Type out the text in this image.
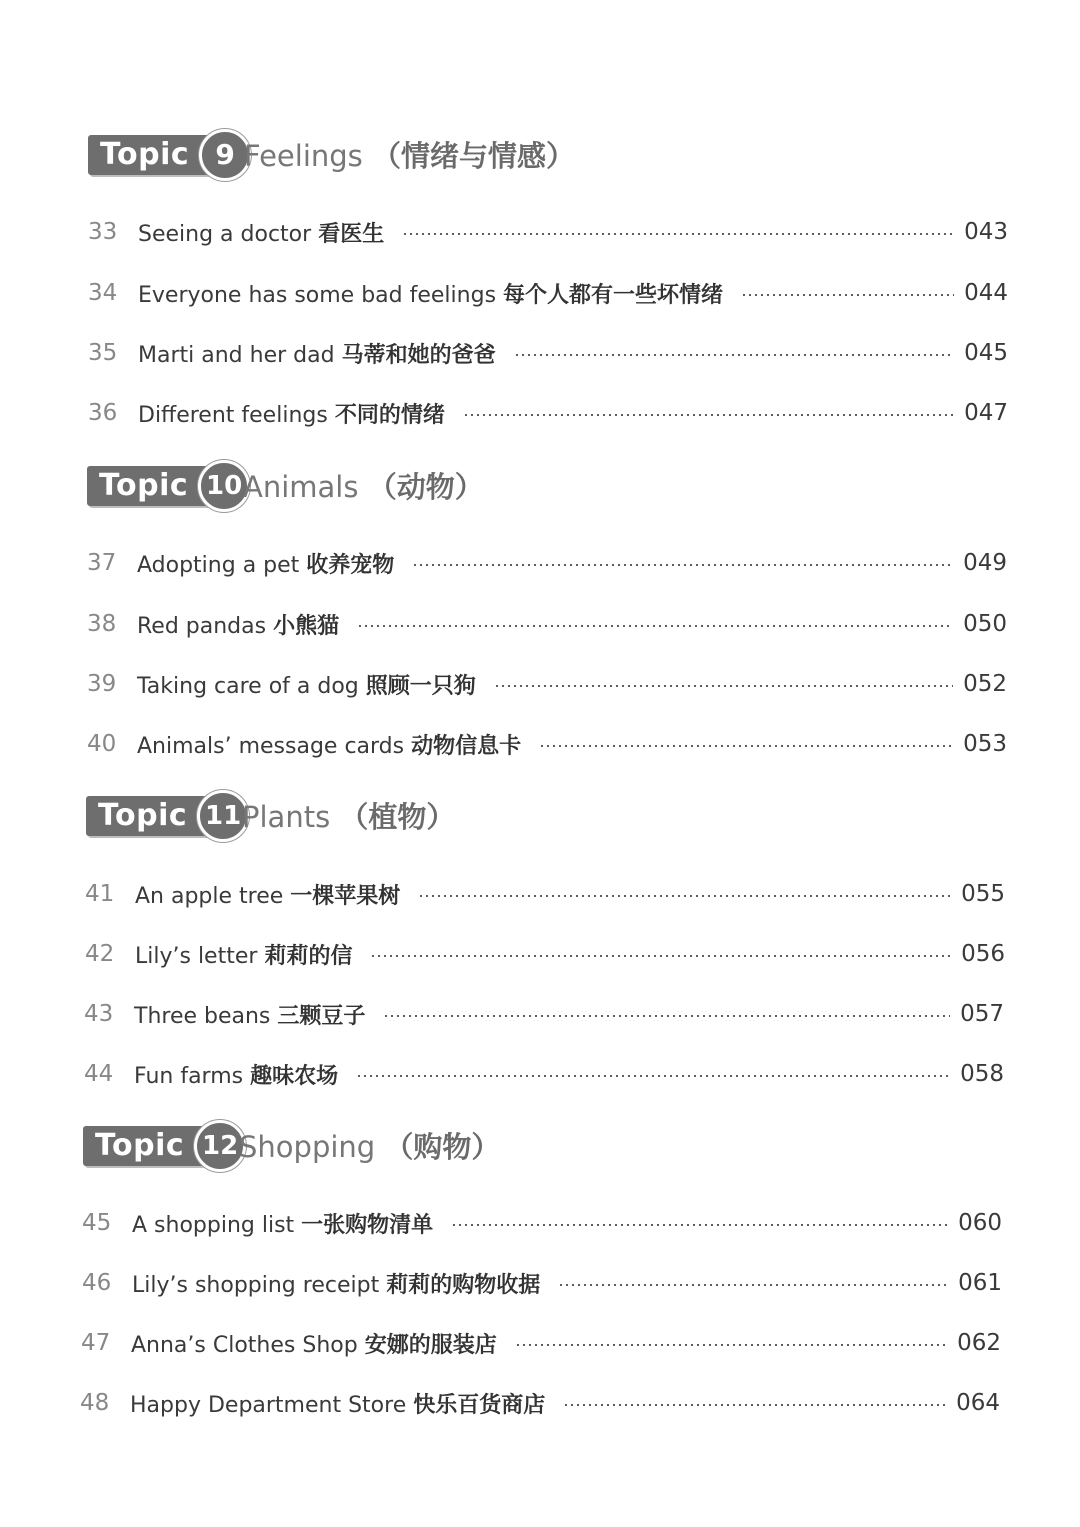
Topic 9 Feelings （情绪与情感）
33 Seeing a doctor 看医生	043
34 Everyone has some bad feelings 每个人都有一些坏情绪	044
35 Marti and her dad 马蒂和她的爸爸	045
36 Different feelings 不同的情绪	047
Topic 10 Animals （动物）
37 Adopting a pet 收养宠物	049
38 Red pandas 小熊猫	050
39 Taking care of a dog 照顾一只狗	052
40 Animals’ message cards 动物信息卡	053
Topic 11 Plants （植物）
41 An apple tree 一棵苹果树	055
42 Lily’s letter 莉莉的信	056
43 Three beans 三颗豆子	057
44 Fun farms 趣味农场	058
Topic 12 Shopping （购物）
45 A shopping list 一张购物清单	060
46 Lily’s shopping receipt 莉莉的购物收据	061
47 Anna’s Clothes Shop 安娜的服装店	062
48 Happy Department Store 快乐百货商店	064
